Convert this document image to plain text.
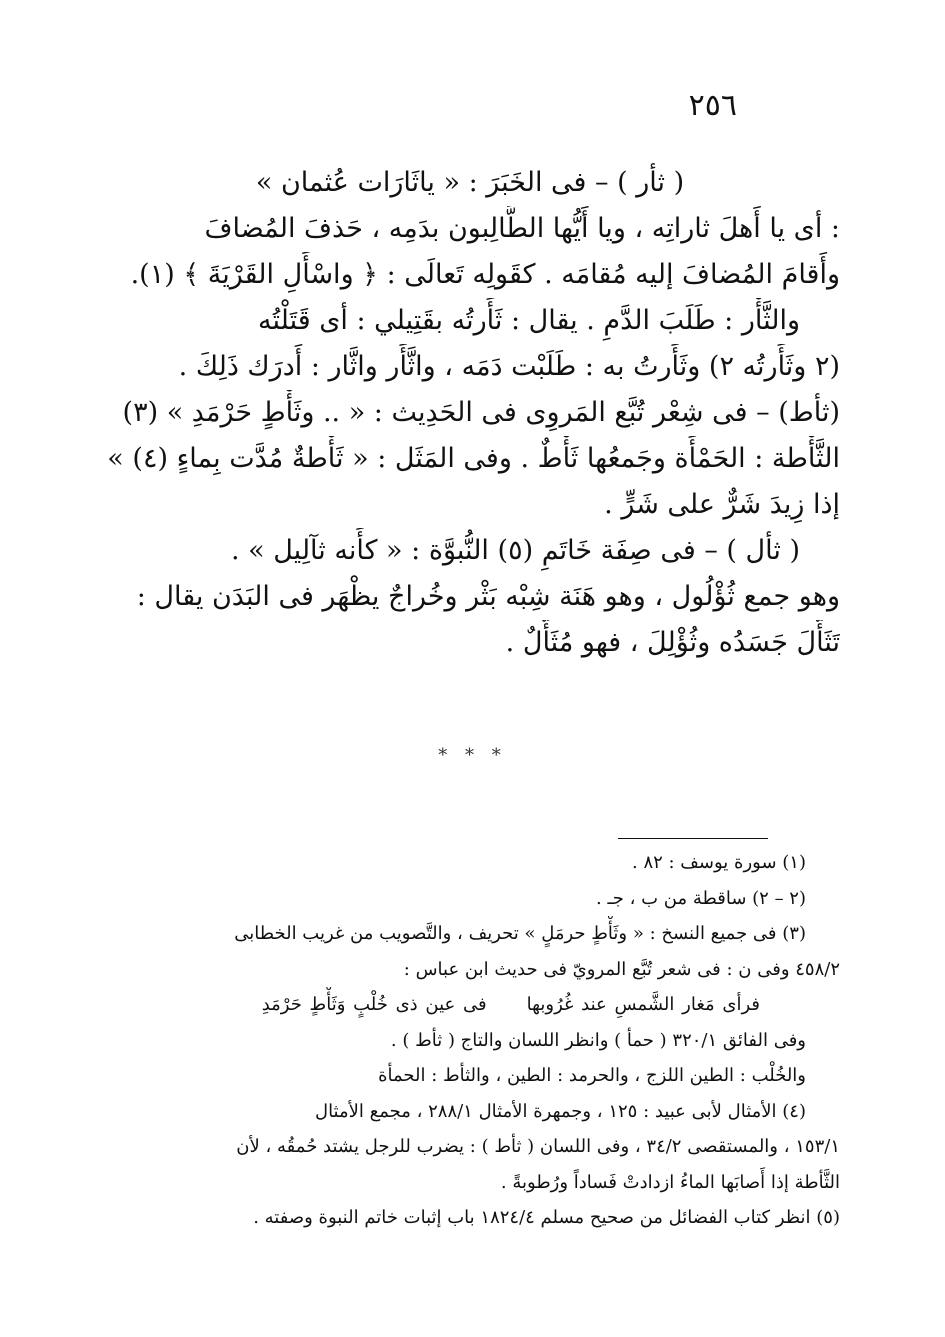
٢٥٦

( ثأر ) – فى الخَبَرَ : « ياثَارَات عُثمان »

: أى يا أَهلَ ثاراتِه ، ويا أَيُّها الطَّالِبون بدَمِه ، حَذفَ المُضافَ

وأَقامَ المُضافَ إليه مُقامَه . كقَولِه تَعالَى : ﴿ واسْأَلِ القَرْيَةَ ﴾ (١).

والثَّأْر : طَلَبَ الدَّمِ . يقال : ثَأَرتُه بقَتِيلي : أى قَتَلْتُه

(٢ وثَأَرتُه ٢) وثَأَرتُ به : طَلَبْت دَمَه ، واثَّأَر واثَّار : أَدرَك ذَلِكَ .

(ثأط) – فى شِعْر تُبَّع المَروِى فى الحَدِيث : « .. وثَأْطٍ حَرْمَدِ » (٣)

الثَّأْطة : الحَمْأَة وجَمعُها ثَأْطٌ . وفى المَثَل : « ثَأْطةٌ مُدَّت بِماءٍ (٤) »

إذا زِيدَ شَرٌّ على شَرٍّ .

( ثأل ) – فى صِفَة خَاتَمِ (٥) النُّبوَّة : « كأَنه ثآلِيل » .

وهو جمع ثُؤْلُول ، وهو هَنَة شِبْه بَثْر وخُراجٌ يظْهَر فى البَدَن يقال :

تَثَأَّلَ جَسَدُه وثُؤْلِلَ ، فهو مُثَأَّلٌ .

* * *

(١) سورة يوسف : ٨٢ .

(٢ – ٢) ساقطة من ب ، جـ .

(٣) فى جميع النسخ : « وثَأْطٍ حرمَلٍ » تحريف ، والتَّصويب من غريب الخطابى

٤٥٨/٢ وفى ن : فى شعر تُبَّع المرويّ فى حديث ابن عباس :

فرأى مَغار الشَّمسِ عند غُرُوبهافى عين ذى خُلْبٍ وَثَأْطٍ حَرْمَدِ

وفى الفائق ٣٢٠/١ ( حمأ ) وانظر اللسان والتاج ( ثأط ) .

والخُلْب : الطين اللزج ، والحرمد : الطين ، والثأط : الحمأة

(٤) الأمثال لأبى عبيد : ١٢٥ ، وجمهرة الأمثال ٢٨٨/١ ، مجمع الأمثال

١٥٣/١ ، والمستقصى ٣٤/٢ ، وفى اللسان ( ثأط ) : يضرب للرجل يشتد حُمقُه ، لأن

الثَّأطة إذا أَصابَها الماءُ ازدادتْ فَساداً ورُطوبةً .

(٥) انظر كتاب الفضائل من صحيح مسلم ١٨٢٤/٤ باب إثبات خاتم النبوة وصفته .
